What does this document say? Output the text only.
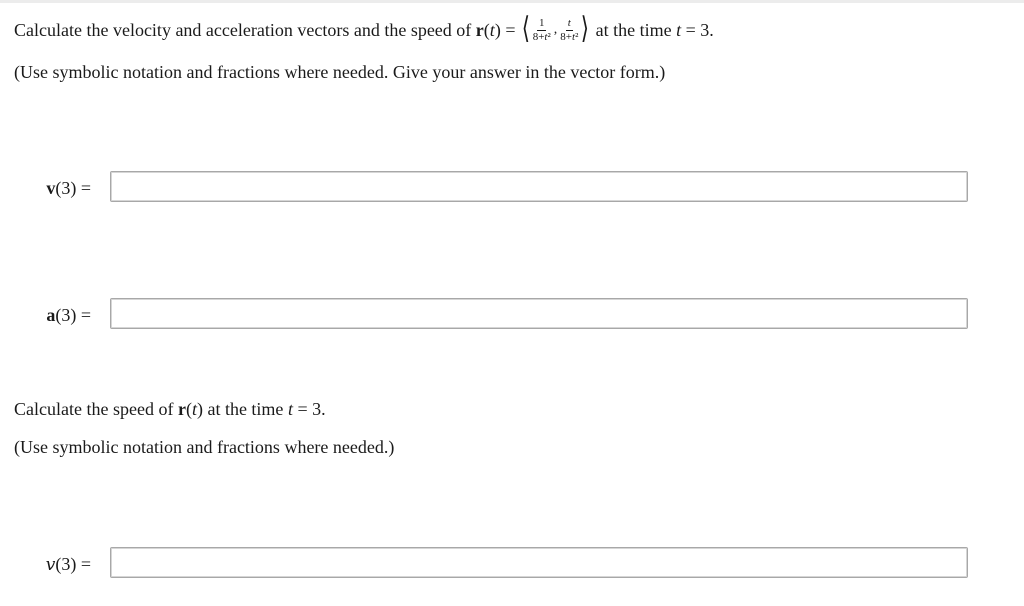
Calculate the velocity and acceleration vectors and the speed of r(t) = ⟨ $\frac{1}{\text{8+t²}}$ , $\frac{t}{\text{8+t²}}$ ⟩ at the time t = 3.
(Use symbolic notation and fractions where needed. Give your answer in the vector form.)
v(3) =
a(3) =
Calculate the speed of r(t) at the time t = 3.
(Use symbolic notation and fractions where needed.)
v(3) =
